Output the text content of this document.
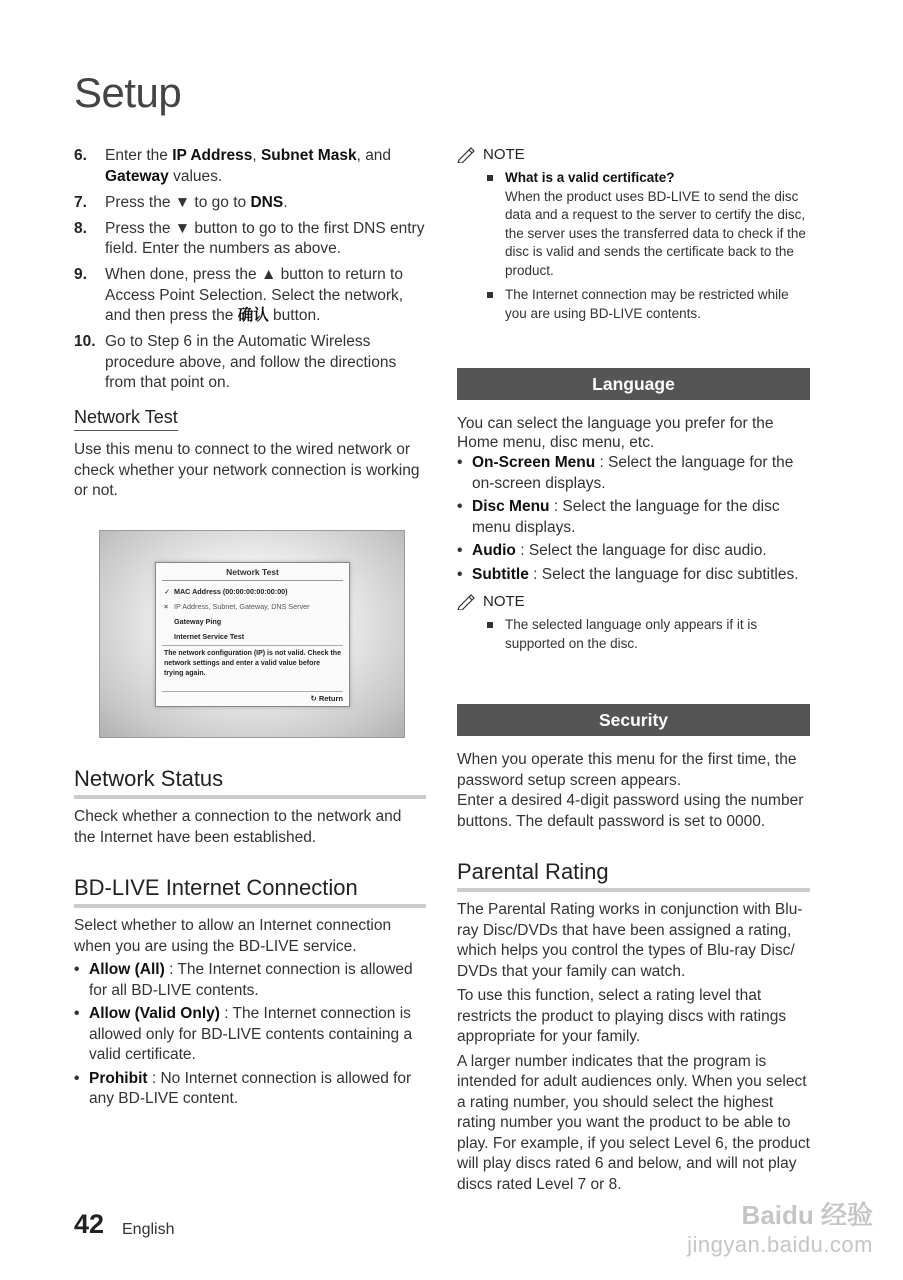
Setup
6. Enter the IP Address, Subnet Mask, and Gateway values.
7. Press the ▼ to go to DNS.
8. Press the ▼ button to go to the first DNS entry field. Enter the numbers as above.
9. When done, press the ▲ button to return to Access Point Selection. Select the network, and then press the 确认 button.
10. Go to Step 6 in the Automatic Wireless procedure above, and follow the directions from that point on.
Network Test

Use this menu to connect to the wired network or check whether your network connection is working or not.

Network Test
✓ MAC Address (00:00:00:00:00:00)
× IP Address, Subnet, Gateway, DNS Server
Gateway Ping
Internet Service Test
The network configuration (IP) is not valid. Check the network settings and enter a valid value before trying again.
↻ Return
Network Status

Check whether a connection to the network and the Internet have been established.

BD-LIVE Internet Connection

Select whether to allow an Internet connection when you are using the BD-LIVE service.

• Allow (All) : The Internet connection is allowed for all BD-LIVE contents.
• Allow (Valid Only) : The Internet connection is allowed only for BD-LIVE contents containing a valid certificate.
• Prohibit : No Internet connection is allowed for any BD-LIVE content.
NOTE
What is a valid certificate?
When the product uses BD-LIVE to send the disc data and a request to the server to certify the disc, the server uses the transferred data to check if the disc is valid and sends the certificate back to the product.
The Internet connection may be restricted while you are using BD-LIVE contents.
Language

You can select the language you prefer for the Home menu, disc menu, etc.

• On-Screen Menu : Select the language for the on-screen displays.
• Disc Menu : Select the language for the disc menu displays.
• Audio : Select the language for disc audio.
• Subtitle : Select the language for disc subtitles.
NOTE
The selected language only appears if it is supported on the disc.
Security

When you operate this menu for the first time, the password setup screen appears.

Enter a desired 4-digit password using the number buttons. The default password is set to 0000.

Parental Rating

The Parental Rating works in conjunction with Blu-ray Disc/DVDs that have been assigned a rating, which helps you control the types of Blu-ray Disc/ DVDs that your family can watch.

To use this function, select a rating level that restricts the product to playing discs with ratings appropriate for your family.

A larger number indicates that the program is intended for adult audiences only. When you select a rating number, you should select the highest rating number you want the product to be able to play. For example, if you select Level 6, the product will play discs rated 6 and below, and will not play discs rated Level 7 or 8.

42 English	Baidu 经验
jingyan.baidu.com
